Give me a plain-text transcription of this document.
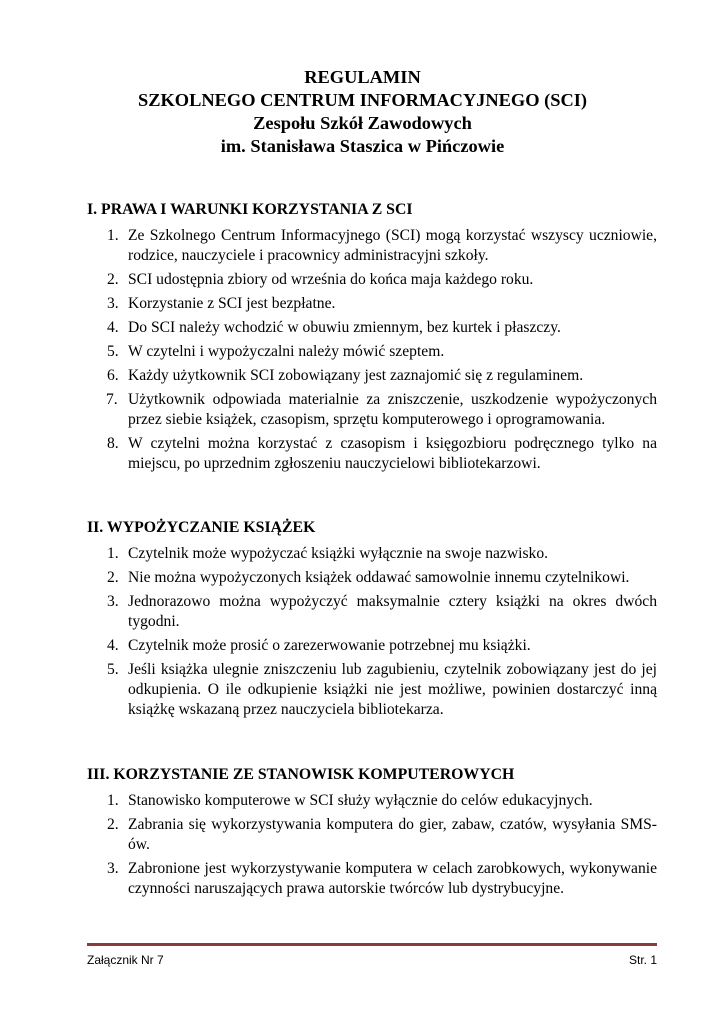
REGULAMIN
SZKOLNEGO CENTRUM INFORMACYJNEGO (SCI)
Zespołu Szkół Zawodowych
im. Stanisława Staszica w Pińczowie
I. PRAWA I WARUNKI KORZYSTANIA Z SCI
1. Ze Szkolnego Centrum Informacyjnego (SCI) mogą korzystać wszyscy uczniowie, rodzice, nauczyciele i pracownicy administracyjni szkoły.
2. SCI udostępnia zbiory od września do końca maja każdego roku.
3. Korzystanie z SCI jest bezpłatne.
4. Do SCI należy wchodzić w obuwiu zmiennym, bez kurtek i płaszczy.
5. W czytelni i wypożyczalni należy mówić szeptem.
6. Każdy użytkownik SCI zobowiązany jest zaznajomić się z regulaminem.
7. Użytkownik odpowiada materialnie za zniszczenie, uszkodzenie wypożyczonych przez siebie książek, czasopism, sprzętu komputerowego i oprogramowania.
8. W czytelni można korzystać z czasopism i księgozbioru podręcznego tylko na miejscu, po uprzednim zgłoszeniu nauczycielowi bibliotekarzowi.
II. WYPOŻYCZANIE KSIĄŻEK
1. Czytelnik może wypożyczać książki wyłącznie na swoje nazwisko.
2. Nie można wypożyczonych książek oddawać samowolnie innemu czytelnikowi.
3. Jednorazowo można wypożyczyć maksymalnie cztery książki na okres dwóch tygodni.
4. Czytelnik może prosić o zarezerwowanie potrzebnej mu książki.
5. Jeśli książka ulegnie zniszczeniu lub zagubieniu, czytelnik zobowiązany jest do jej odkupienia. O ile odkupienie książki nie jest możliwe, powinien dostarczyć inną książkę wskazaną przez nauczyciela bibliotekarza.
III. KORZYSTANIE ZE STANOWISK KOMPUTEROWYCH
1. Stanowisko komputerowe w SCI służy wyłącznie do celów edukacyjnych.
2. Zabrania się wykorzystywania komputera do gier, zabaw, czatów, wysyłania SMS-ów.
3. Zabronione jest wykorzystywanie komputera w celach zarobkowych, wykonywanie czynności naruszających prawa autorskie twórców lub dystrybucyjne.
Załącznik Nr 7	Str. 1
